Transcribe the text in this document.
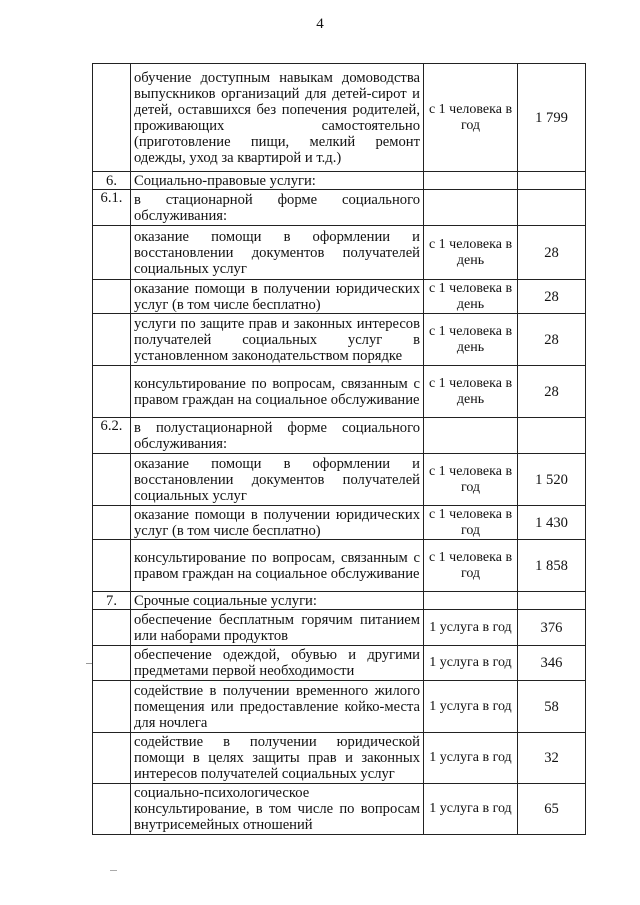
4
	обучение доступным навыкам домоводства выпускников организаций для детей-сирот и детей, оставшихся без попечения родителей, проживающих самостоятельно (приготовление пищи, мелкий ремонт одежды, уход за квартирой и т.д.)	с 1 человека в год	1 799
6.	Социально-правовые услуги:		
6.1.	в стационарной форме социального обслуживания:		
	оказание помощи в оформлении и восстановлении документов получателей социальных услуг	с 1 человека в день	28
	оказание помощи в получении юридических услуг (в том числе бесплатно)	с 1 человека в день	28
	услуги по защите прав и законных интересов получателей социальных услуг в установленном законодательством порядке	с 1 человека в день	28
	консультирование по вопросам, связанным с правом граждан на социальное обслуживание	с 1 человека в день	28
6.2.	в полустационарной форме социального обслуживания:		
	оказание помощи в оформлении и восстановлении документов получателей социальных услуг	с 1 человека в год	1 520
	оказание помощи в получении юридических услуг (в том числе бесплатно)	с 1 человека в год	1 430
	консультирование по вопросам, связанным с правом граждан на социальное обслуживание	с 1 человека в год	1 858
7.	Срочные социальные услуги:		
	обеспечение бесплатным горячим питанием или наборами продуктов	1 услуга в год	376
	обеспечение одеждой, обувью и другими предметами первой необходимости	1 услуга в год	346
	содействие в получении временного жилого помещения или предоставление койко-места для ночлега	1 услуга в год	58
	содействие в получении юридической помощи в целях защиты прав и законных интересов получателей социальных услуг	1 услуга в год	32
	социально-психологическое консультирование, в том числе по вопросам внутрисемейных отношений	1 услуга в год	65
